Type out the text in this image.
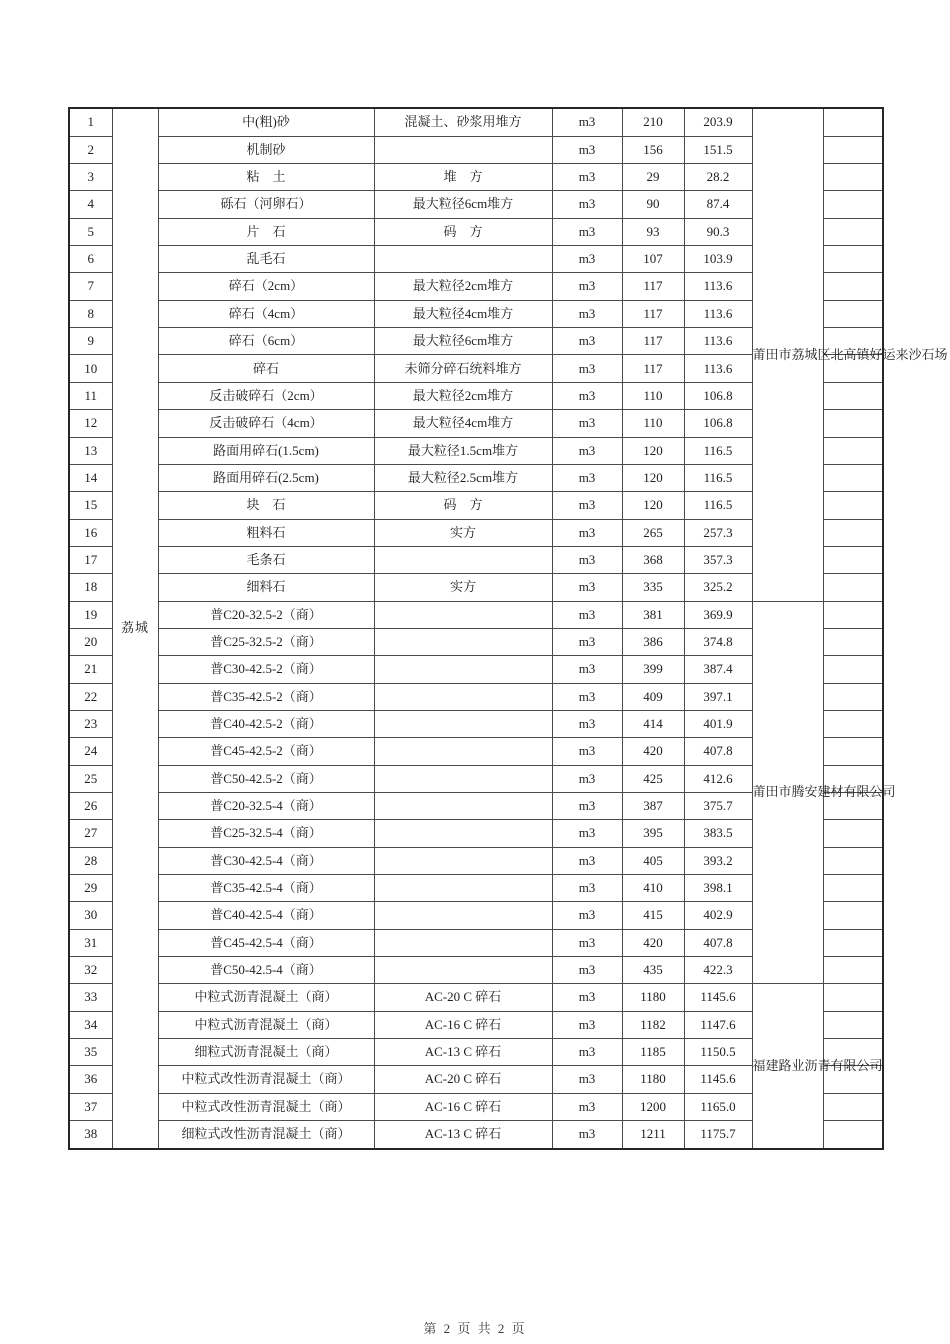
1	荔城	中(粗)砂	混凝土、砂浆用堆方	m3	210	203.9	莆田市荔城区北高镇好运来沙石场	
2		机制砂		m3	156	151.5		
3		粘　土	堆　方	m3	29	28.2		
4		砾石（河卵石）	最大粒径6cm堆方	m3	90	87.4		
5		片　石	码　方	m3	93	90.3		
6		乱毛石		m3	107	103.9		
7		碎石（2cm）	最大粒径2cm堆方	m3	117	113.6		
8		碎石（4cm）	最大粒径4cm堆方	m3	117	113.6		
9		碎石（6cm）	最大粒径6cm堆方	m3	117	113.6		
10		碎石	未筛分碎石统料堆方	m3	117	113.6		
11		反击破碎石（2cm）	最大粒径2cm堆方	m3	110	106.8		
12		反击破碎石（4cm）	最大粒径4cm堆方	m3	110	106.8		
13		路面用碎石(1.5cm)	最大粒径1.5cm堆方	m3	120	116.5		
14		路面用碎石(2.5cm)	最大粒径2.5cm堆方	m3	120	116.5		
15		块　石	码　方	m3	120	116.5		
16		粗料石	实方	m3	265	257.3		
17		毛条石		m3	368	357.3		
18		细料石	实方	m3	335	325.2		
19		普C20-32.5-2（商）		m3	381	369.9	莆田市腾安建材有限公司	
20		普C25-32.5-2（商）		m3	386	374.8		
21		普C30-42.5-2（商）		m3	399	387.4		
22		普C35-42.5-2（商）		m3	409	397.1		
23		普C40-42.5-2（商）		m3	414	401.9		
24		普C45-42.5-2（商）		m3	420	407.8		
25		普C50-42.5-2（商）		m3	425	412.6		
26		普C20-32.5-4（商）		m3	387	375.7		
27		普C25-32.5-4（商）		m3	395	383.5		
28		普C30-42.5-4（商）		m3	405	393.2		
29		普C35-42.5-4（商）		m3	410	398.1		
30		普C40-42.5-4（商）		m3	415	402.9		
31		普C45-42.5-4（商）		m3	420	407.8		
32		普C50-42.5-4（商）		m3	435	422.3		
33		中粒式沥青混凝土（商）	AC-20 C 碎石	m3	1180	1145.6	福建路业沥青有限公司	
34		中粒式沥青混凝土（商）	AC-16 C 碎石	m3	1182	1147.6		
35		细粒式沥青混凝土（商）	AC-13 C 碎石	m3	1185	1150.5		
36		中粒式改性沥青混凝土（商）	AC-20 C 碎石	m3	1180	1145.6		
37		中粒式改性沥青混凝土（商）	AC-16 C 碎石	m3	1200	1165.0		
38		细粒式改性沥青混凝土（商）	AC-13 C 碎石	m3	1211	1175.7		
第 2 页 共 2 页
